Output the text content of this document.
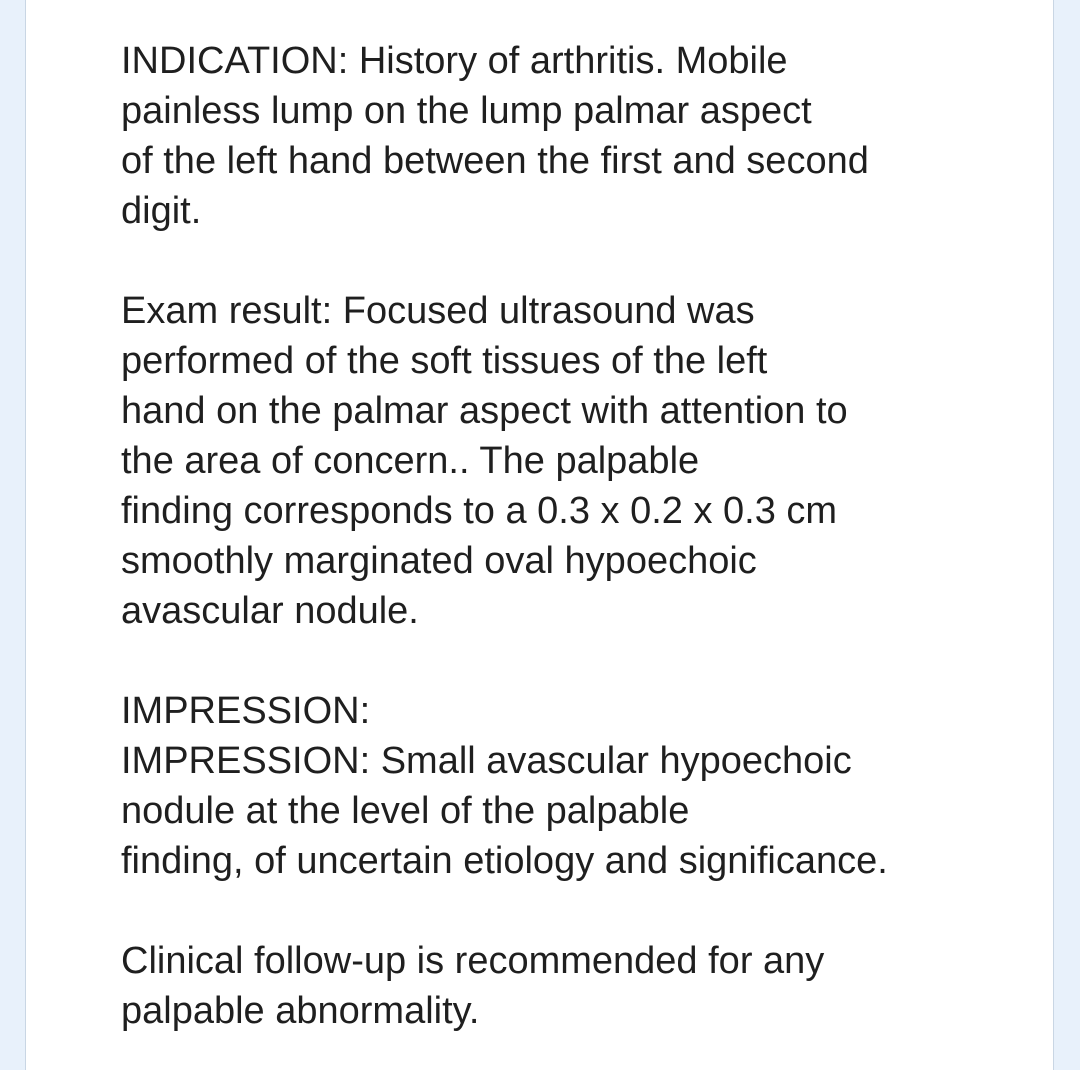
INDICATION: History of arthritis. Mobile
painless lump on the lump palmar aspect
of the left hand between the first and second
digit.
Exam result: Focused ultrasound was
performed of the soft tissues of the left
hand on the palmar aspect with attention to
the area of concern.. The palpable
finding corresponds to a 0.3 x 0.2 x 0.3 cm
smoothly marginated oval hypoechoic
avascular nodule.
IMPRESSION:
IMPRESSION: Small avascular hypoechoic
nodule at the level of the palpable
finding, of uncertain etiology and significance.
Clinical follow-up is recommended for any
palpable abnormality.
